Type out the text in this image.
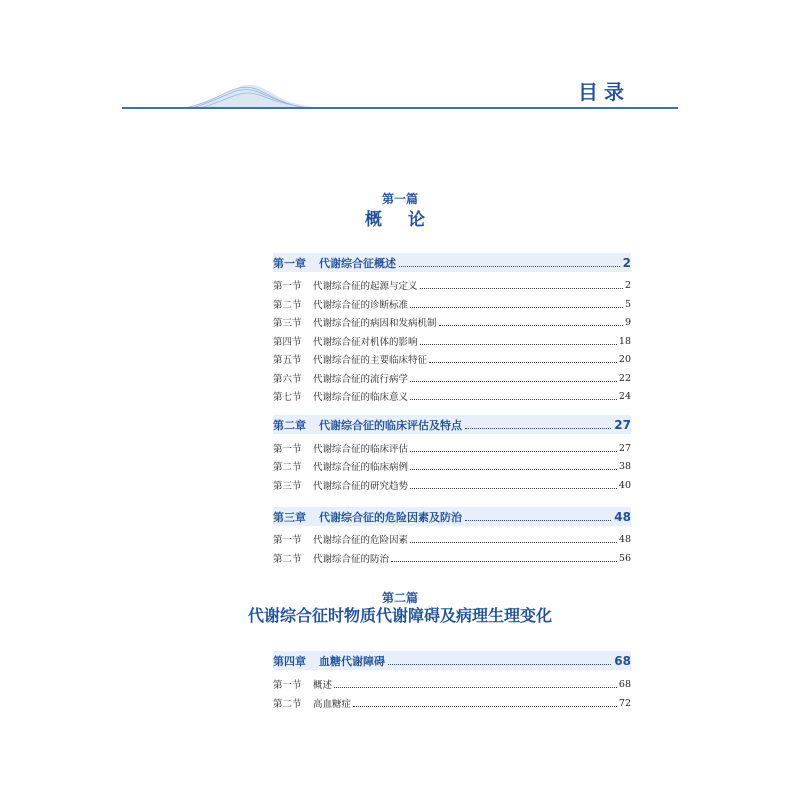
目录
第一篇
概 论
第二篇
代谢综合征时物质代谢障碍及病理生理变化
第一章	代谢综合征概述	2
第一节	代谢综合征的起源与定义	2
第二节	代谢综合征的诊断标准	5
第三节	代谢综合征的病因和发病机制	9
第四节	代谢综合征对机体的影响	18
第五节	代谢综合征的主要临床特征	20
第六节	代谢综合征的流行病学	22
第七节	代谢综合征的临床意义	24
第二章	代谢综合征的临床评估及特点	27
第一节	代谢综合征的临床评估	27
第二节	代谢综合征的临床病例	38
第三节	代谢综合征的研究趋势	40
第三章	代谢综合征的危险因素及防治	48
第一节	代谢综合征的危险因素	48
第二节	代谢综合征的防治	56
第四章	血糖代谢障碍	68
第一节	概述	68
第二节	高血糖症	72
